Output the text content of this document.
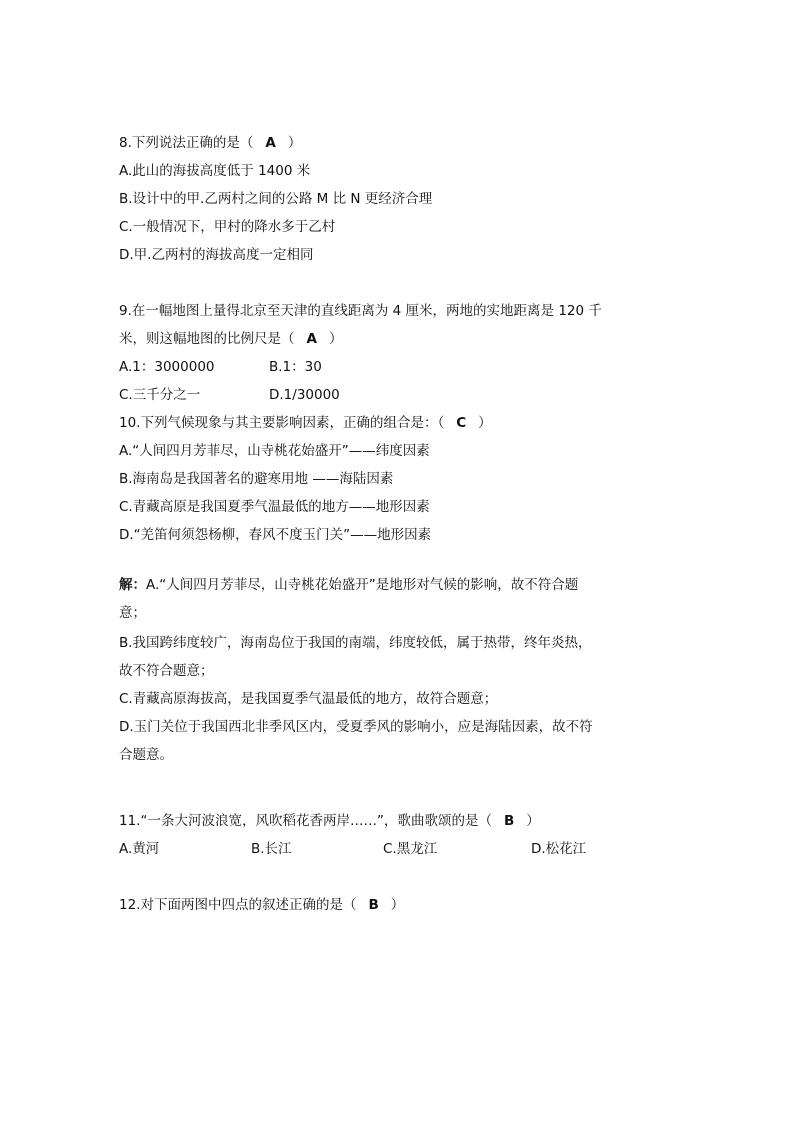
8.下列说法正确的是（ A ）
A.此山的海拔高度低于 1400 米
B.设计中的甲.乙两村之间的公路 M 比 N 更经济合理
C.一般情况下，甲村的降水多于乙村
D.甲.乙两村的海拔高度一定相同
9.在一幅地图上量得北京至天津的直线距离为 4 厘米，两地的实地距离是 120 千
米，则这幅地图的比例尺是（ A ）
A.1：3000000	B.1：30
C.三千分之一	D.1/30000
10.下列气候现象与其主要影响因素，正确的组合是：（ C ）
A.“人间四月芳菲尽，山寺桃花始盛开”——纬度因素
B.海南岛是我国著名的避寒用地 ——海陆因素
C.青藏高原是我国夏季气温最低的地方——地形因素
D.“羌笛何须怨杨柳，春风不度玉门关”——地形因素
解：A.“人间四月芳菲尽，山寺桃花始盛开”是地形对气候的影响，故不符合题
意；
B.我国跨纬度较广，海南岛位于我国的南端，纬度较低，属于热带，终年炎热，
故不符合题意；
C.青藏高原海拔高，是我国夏季气温最低的地方，故符合题意；
D.玉门关位于我国西北非季风区内，受夏季风的影响小，应是海陆因素，故不符
合题意。
11.“一条大河波浪宽，风吹稻花香两岸……”，歌曲歌颂的是（ B ）
A.黄河	B.长江	C.黑龙江	D.松花江
12.对下面两图中四点的叙述正确的是（ B ）
